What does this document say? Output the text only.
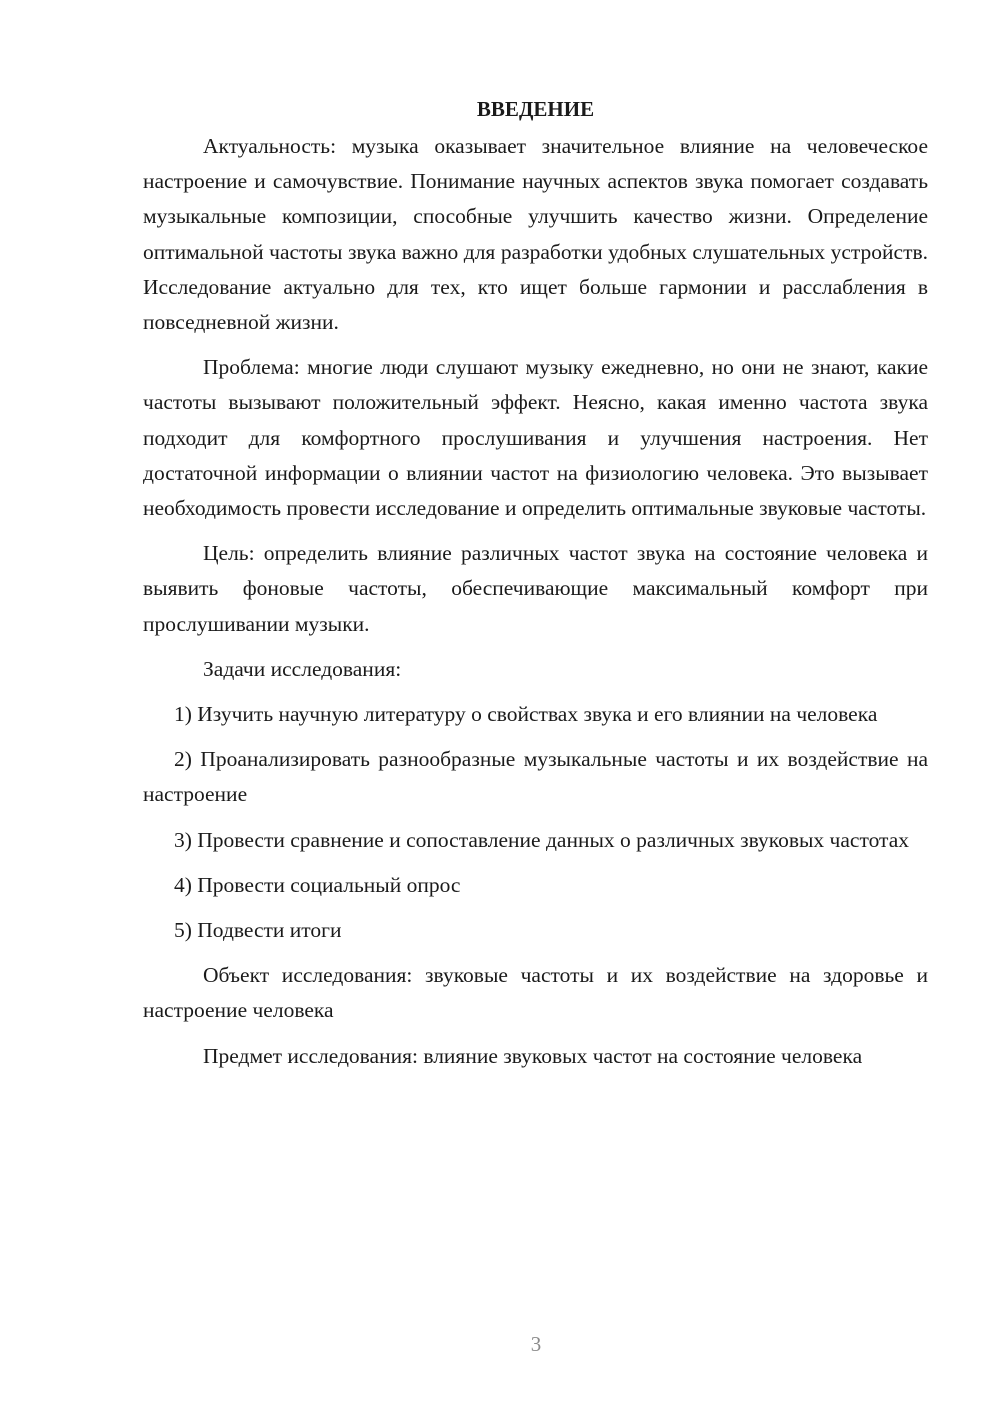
ВВЕДЕНИЕ

Актуальность: музыка оказывает значительное влияние на человеческое настроение и самочувствие. Понимание научных аспектов звука помогает создавать музыкальные композиции, способные улучшить качество жизни. Определение оптимальной частоты звука важно для разработки удобных слушательных устройств. Исследование актуально для тех, кто ищет больше гармонии и расслабления в повседневной жизни.

Проблема: многие люди слушают музыку ежедневно, но они не знают, какие частоты вызывают положительный эффект. Неясно, какая именно частота звука подходит для комфортного прослушивания и улучшения настроения. Нет достаточной информации о влиянии частот на физиологию человека. Это вызывает необходимость провести исследование и определить оптимальные звуковые частоты.

Цель: определить влияние различных частот звука на состояние человека и выявить фоновые частоты, обеспечивающие максимальный комфорт при прослушивании музыки.

Задачи исследования:

1) Изучить научную литературу о свойствах звука и его влиянии на человека

2) Проанализировать разнообразные музыкальные частоты и их воздействие на настроение

3) Провести сравнение и сопоставление данных о различных звуковых частотах

4) Провести социальный опрос

5) Подвести итоги

Объект исследования: звуковые частоты и их воздействие на здоровье и настроение человека

Предмет исследования: влияние звуковых частот на состояние человека

3
